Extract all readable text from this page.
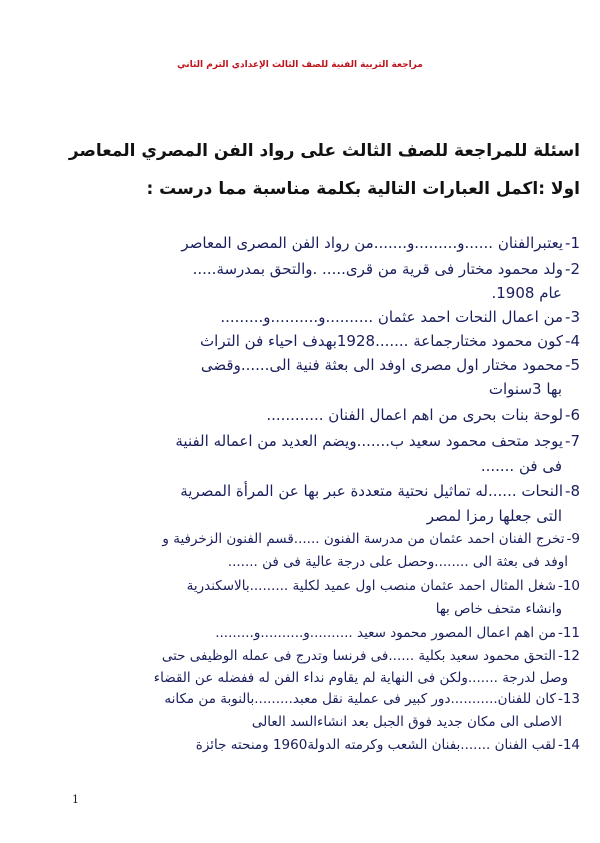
مراجعة التربية الفنية للصف الثالث الإعدادي الترم الثاني
اسئلة للمراجعة للصف الثالث على رواد الفن المصري المعاصر
اولا :اكمل العبارات التالية بكلمة مناسبة مما درست :
1-يعتبرالفنان ......و.........و.......من رواد الفن المصرى المعاصر
2-ولد محمود مختار فى قرية من قرى..... .والتحق بمدرسة.....
عام 1908.
3-من اعمال النحات احمد عثمان ..........و..........و.........
4-كون محمود مختارجماعة .......1928بهدف احياء فن التراث
5-محمود مختار اول مصرى اوفد الى بعثة فنية الى......وقضى
بها 3سنوات
6-لوحة بنات بحرى من اهم اعمال الفنان ............
7-يوجد متحف محمود سعيد ب.......ويضم العديد من اعماله الفنية
فى فن .......
8-النحات ......له تماثيل نحتية متعددة عبر بها عن المرأة المصرية
التى جعلها رمزا لمصر
9-تخرج الفنان احمد عثمان من مدرسة الفنون ......قسم الفنون الزخرفية و
اوفد فى بعثة الى ........وحصل على درجة عالية فى فن .......
10-شغل المثال احمد عثمان منصب اول عميد لكلية .........بالاسكندرية
وانشاء متحف خاص بها
11-من اهم اعمال المصور محمود سعيد ..........و..........و.........
12-التحق محمود سعيد بكلية ......فى فرنسا وتدرج فى عمله الوظيفى حتى
وصل لدرجة .......ولكن فى النهاية لم يقاوم نداء الفن له ففضله عن القضاء
13-كان للفنان...........دور كبير فى عملية نقل معبد.........بالنوبة من مكانه
الاصلى الى مكان جديد فوق الجبل بعد انشاءالسد العالى
14-لقب الفنان .......بفنان الشعب وكرمته الدولة1960 ومنحته جائزة
1
